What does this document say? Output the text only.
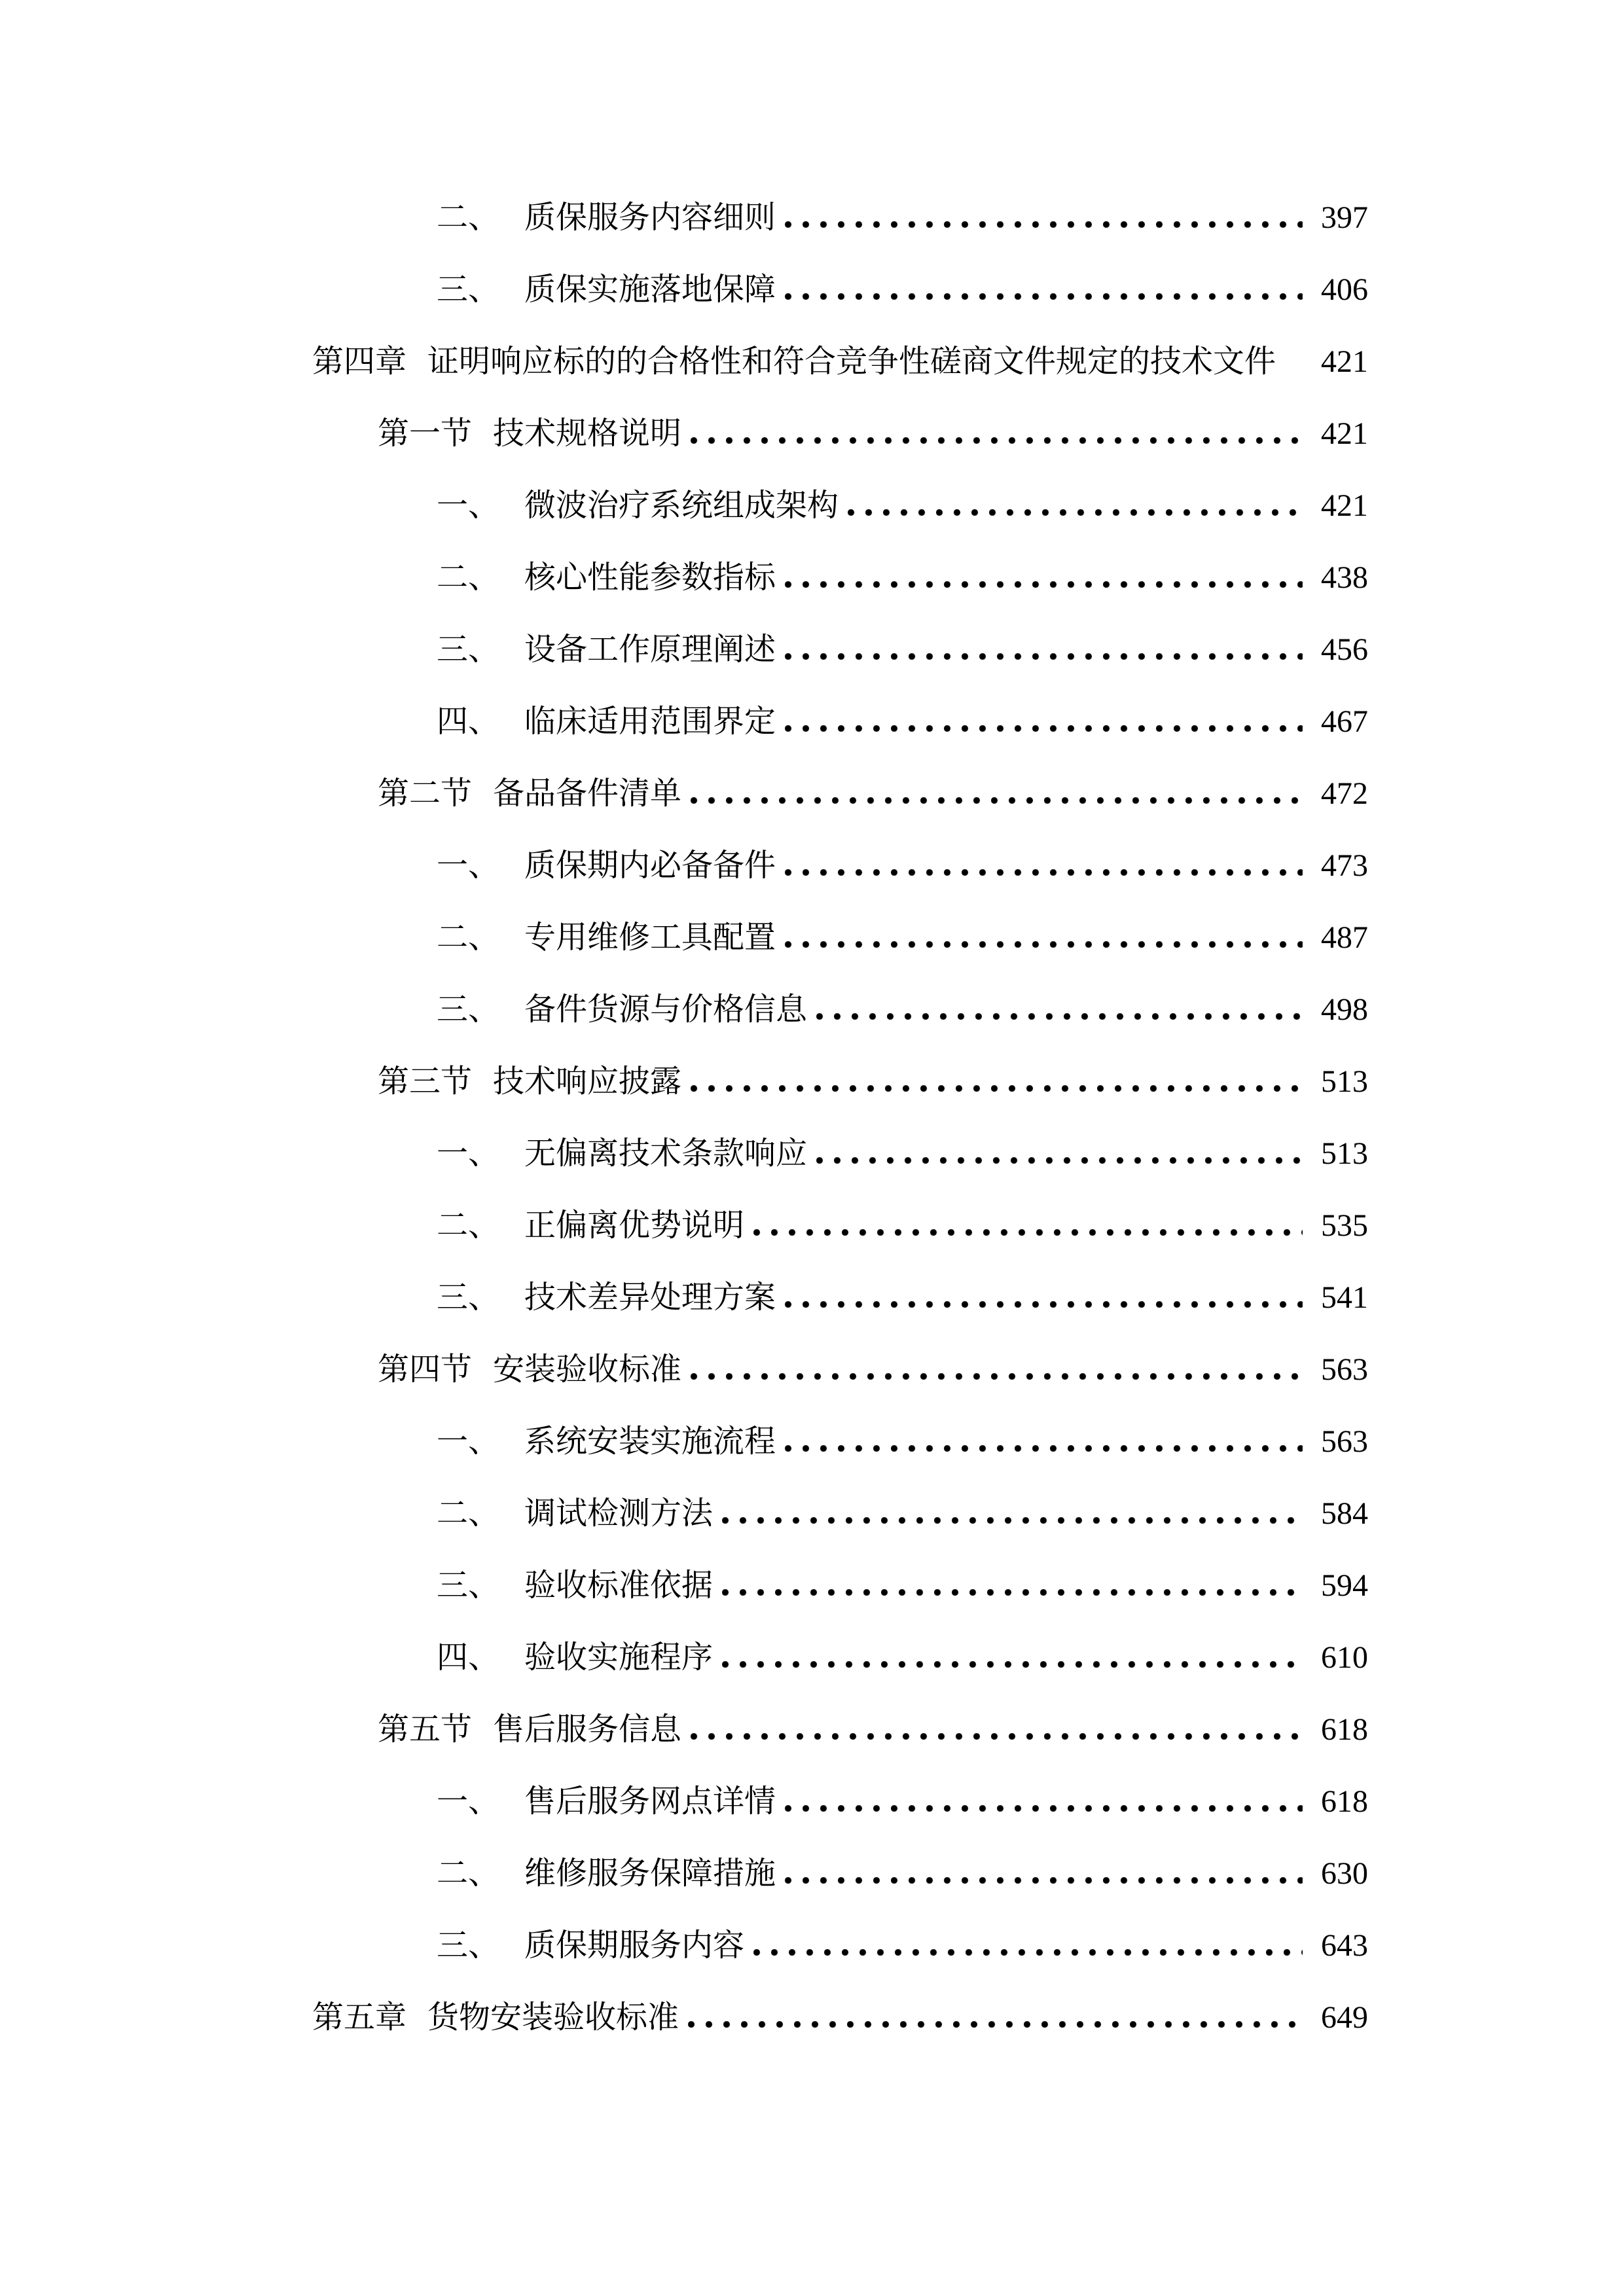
二、 质保服务内容细则	397
三、 质保实施落地保障	406
第四章 证明响应标的的合格性和符合竞争性磋商文件规定的技术文件 421
第一节 技术规格说明	421
一、 微波治疗系统组成架构	421
二、 核心性能参数指标	438
三、 设备工作原理阐述	456
四、 临床适用范围界定	467
第二节 备品备件清单	472
一、 质保期内必备备件	473
二、 专用维修工具配置	487
三、 备件货源与价格信息	498
第三节 技术响应披露	513
一、 无偏离技术条款响应	513
二、 正偏离优势说明	535
三、 技术差异处理方案	541
第四节 安装验收标准	563
一、 系统安装实施流程	563
二、 调试检测方法	584
三、 验收标准依据	594
四、 验收实施程序	610
第五节 售后服务信息	618
一、 售后服务网点详情	618
二、 维修服务保障措施	630
三、 质保期服务内容	643
第五章 货物安装验收标准	649
